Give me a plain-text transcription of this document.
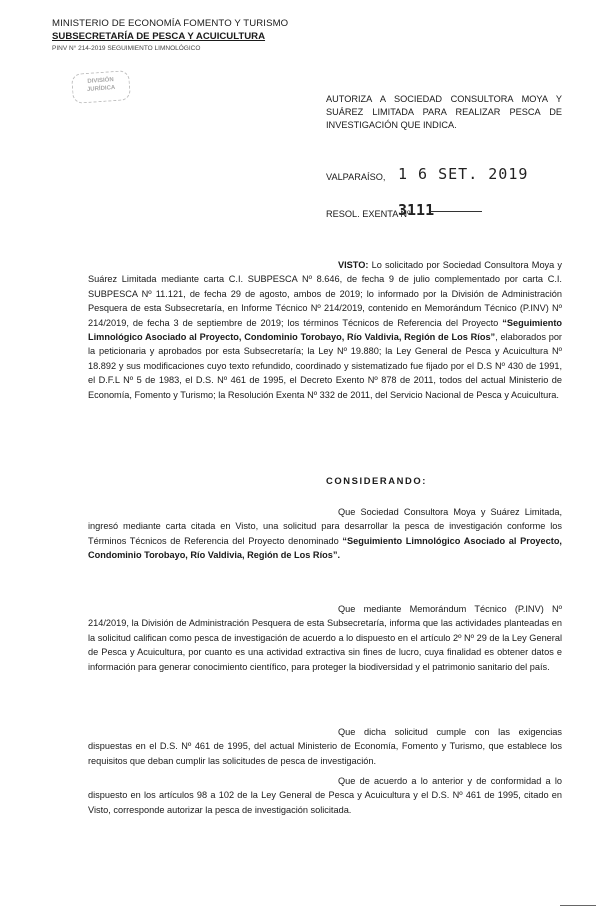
MINISTERIO DE ECONOMÍA FOMENTO Y TURISMO
SUBSECRETARÍA DE PESCA Y ACUICULTURA
PINV N° 214-2019 SEGUIMIENTO LIMNOLÓGICO
DIVISIÓN
JURÍDICA
AUTORIZA A SOCIEDAD CONSULTORA MOYA Y SUÁREZ LIMITADA PARA REALIZAR PESCA DE INVESTIGACIÓN QUE INDICA.
VALPARAÍSO, 1 6 SET. 2019
RESOL. EXENTA Nº
3111
VISTO: Lo solicitado por Sociedad Consultora Moya y Suárez Limitada mediante carta C.I. SUBPESCA Nº 8.646, de fecha 9 de julio complementado por carta C.I. SUBPESCA Nº 11.121, de fecha 29 de agosto, ambos de 2019; lo informado por la División de Administración Pesquera de esta Subsecretaría, en Informe Técnico Nº 214/2019, contenido en Memorándum Técnico (P.INV) Nº 214/2019, de fecha 3 de septiembre de 2019; los términos Técnicos de Referencia del Proyecto “Seguimiento Limnológico Asociado al Proyecto, Condominio Torobayo, Río Valdivia, Región de Los Ríos”, elaborados por la peticionaria y aprobados por esta Subsecretaría; la Ley Nº 19.880; la Ley General de Pesca y Acuicultura Nº 18.892 y sus modificaciones cuyo texto refundido, coordinado y sistematizado fue fijado por el D.S Nº 430 de 1991, el D.F.L Nº 5 de 1983, el D.S. Nº 461 de 1995, el Decreto Exento Nº 878 de 2011, todos del actual Ministerio de Economía, Fomento y Turismo; la Resolución Exenta Nº 332 de 2011, del Servicio Nacional de Pesca y Acuicultura.
CONSIDERANDO:
Que Sociedad Consultora Moya y Suárez Limitada, ingresó mediante carta citada en Visto, una solicitud para desarrollar la pesca de investigación conforme los Términos Técnicos de Referencia del Proyecto denominado “Seguimiento Limnológico Asociado al Proyecto, Condominio Torobayo, Río Valdivia, Región de Los Ríos”.
Que mediante Memorándum Técnico (P.INV) Nº 214/2019, la División de Administración Pesquera de esta Subsecretaría, informa que las actividades planteadas en la solicitud califican como pesca de investigación de acuerdo a lo dispuesto en el artículo 2º Nº 29 de la Ley General de Pesca y Acuicultura, por cuanto es una actividad extractiva sin fines de lucro, cuya finalidad es obtener datos e información para generar conocimiento científico, para proteger la biodiversidad y el patrimonio sanitario del país.
Que dicha solicitud cumple con las exigencias dispuestas en el D.S. Nº 461 de 1995, del actual Ministerio de Economía, Fomento y Turismo, que establece los requisitos que deban cumplir las solicitudes de pesca de investigación.
Que de acuerdo a lo anterior y de conformidad a lo dispuesto en los artículos 98 a 102 de la Ley General de Pesca y Acuicultura y el D.S. Nº 461 de 1995, citado en Visto, corresponde autorizar la pesca de investigación solicitada.
